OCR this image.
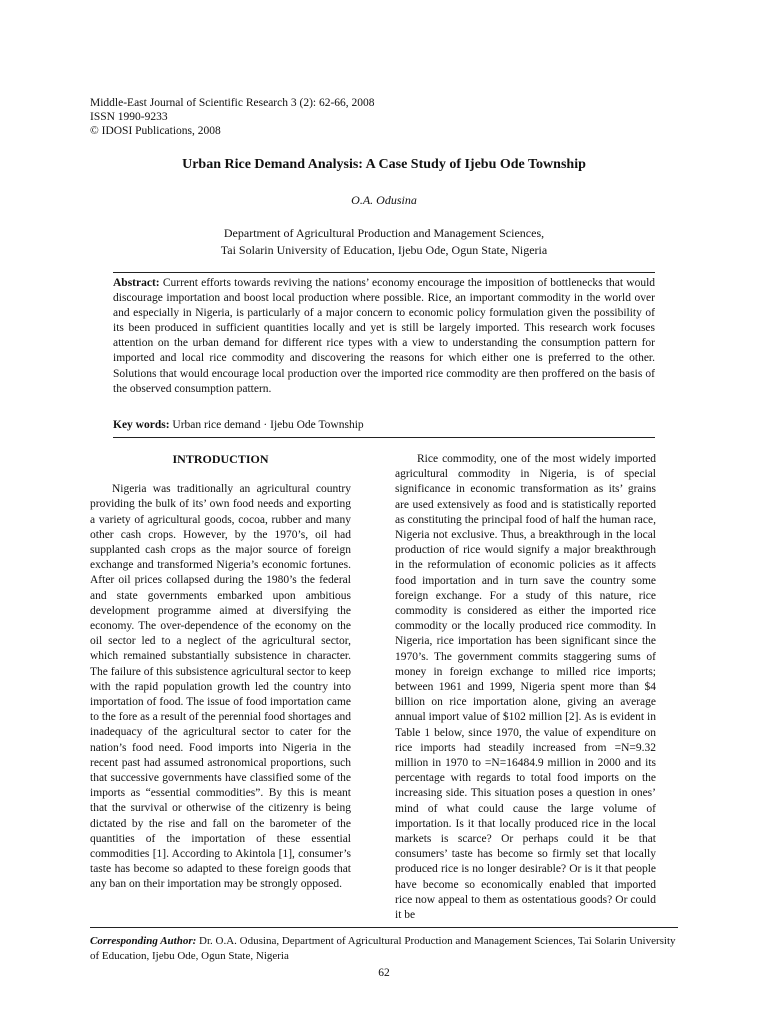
Middle-East Journal of Scientific Research 3 (2): 62-66, 2008
ISSN 1990-9233
© IDOSI Publications, 2008
Urban Rice Demand Analysis: A Case Study of Ijebu Ode Township
O.A. Odusina
Department of Agricultural Production and Management Sciences,
Tai Solarin University of Education, Ijebu Ode, Ogun State, Nigeria
Abstract: Current efforts towards reviving the nations’ economy encourage the imposition of bottlenecks that would discourage importation and boost local production where possible. Rice, an important commodity in the world over and especially in Nigeria, is particularly of a major concern to economic policy formulation given the possibility of its been produced in sufficient quantities locally and yet is still be largely imported. This research work focuses attention on the urban demand for different rice types with a view to understanding the consumption pattern for imported and local rice commodity and discovering the reasons for which either one is preferred to the other. Solutions that would encourage local production over the imported rice commodity are then proffered on the basis of the observed consumption pattern.
Key words: Urban rice demand · Ijebu Ode Township
INTRODUCTION

Nigeria was traditionally an agricultural country providing the bulk of its’ own food needs and exporting a variety of agricultural goods, cocoa, rubber and many other cash crops. However, by the 1970’s, oil had supplanted cash crops as the major source of foreign exchange and transformed Nigeria’s economic fortunes. After oil prices collapsed during the 1980’s the federal and state governments embarked upon ambitious development programme aimed at diversifying the economy. The over-dependence of the economy on the oil sector led to a neglect of the agricultural sector, which remained substantially subsistence in character. The failure of this subsistence agricultural sector to keep with the rapid population growth led the country into importation of food. The issue of food importation came to the fore as a result of the perennial food shortages and inadequacy of the agricultural sector to cater for the nation’s food need. Food imports into Nigeria in the recent past had assumed astronomical proportions, such that successive governments have classified some of the imports as “essential commodities”. By this is meant that the survival or otherwise of the citizenry is being dictated by the rise and fall on the barometer of the quantities of the importation of these essential commodities [1]. According to Akintola [1], consumer’s taste has become so adapted to these foreign goods that any ban on their importation may be strongly opposed.

Rice commodity, one of the most widely imported agricultural commodity in Nigeria, is of special significance in economic transformation as its’ grains are used extensively as food and is statistically reported as constituting the principal food of half the human race, Nigeria not exclusive. Thus, a breakthrough in the local production of rice would signify a major breakthrough in the reformulation of economic policies as it affects food importation and in turn save the country some foreign exchange. For a study of this nature, rice commodity is considered as either the imported rice commodity or the locally produced rice commodity. In Nigeria, rice importation has been significant since the 1970’s. The government commits staggering sums of money in foreign exchange to milled rice imports; between 1961 and 1999, Nigeria spent more than $4 billion on rice importation alone, giving an average annual import value of $102 million [2]. As is evident in Table 1 below, since 1970, the value of expenditure on rice imports had steadily increased from =N=9.32 million in 1970 to =N=16484.9 million in 2000 and its percentage with regards to total food imports on the increasing side. This situation poses a question in ones’ mind of what could cause the large volume of importation. Is it that locally produced rice in the local markets is scarce? Or perhaps could it be that consumers’ taste has become so firmly set that locally produced rice is no longer desirable? Or is it that people have become so economically enabled that imported rice now appeal to them as ostentatious goods? Or could it be

Corresponding Author: Dr. O.A. Odusina, Department of Agricultural Production and Management Sciences, Tai Solarin University of Education, Ijebu Ode, Ogun State, Nigeria
62
